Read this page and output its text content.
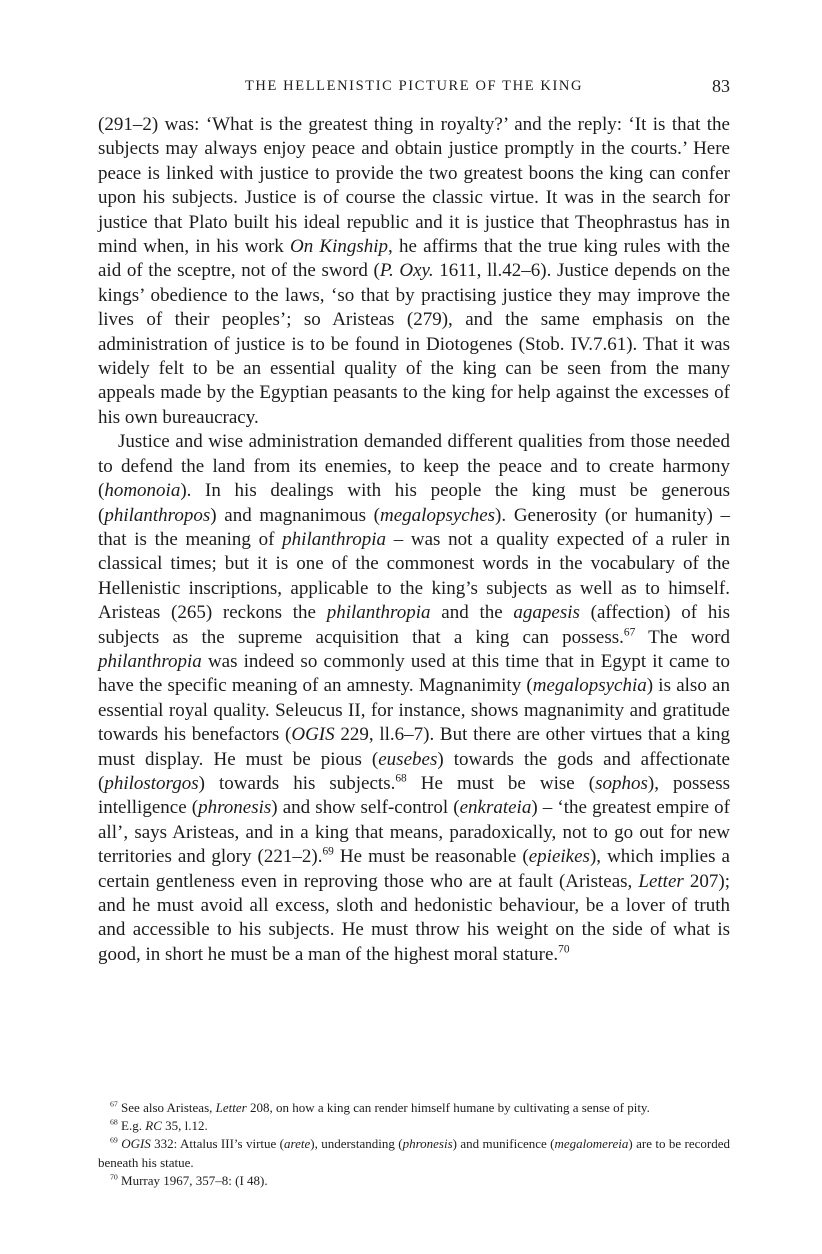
THE HELLENISTIC PICTURE OF THE KING	83

(291–2) was: ‘What is the greatest thing in royalty?’ and the reply: ‘It is that the subjects may always enjoy peace and obtain justice promptly in the courts.’ Here peace is linked with justice to provide the two greatest boons the king can confer upon his subjects. Justice is of course the classic virtue. It was in the search for justice that Plato built his ideal republic and it is justice that Theophrastus has in mind when, in his work On Kingship, he affirms that the true king rules with the aid of the sceptre, not of the sword (P. Oxy. 1611, ll.42–6). Justice depends on the kings’ obedience to the laws, ‘so that by practising justice they may improve the lives of their peoples’; so Aristeas (279), and the same emphasis on the administration of justice is to be found in Diotogenes (Stob. IV.7.61). That it was widely felt to be an essential quality of the king can be seen from the many appeals made by the Egyptian peasants to the king for help against the excesses of his own bureaucracy.

Justice and wise administration demanded different qualities from those needed to defend the land from its enemies, to keep the peace and to create harmony (homonoia). In his dealings with his people the king must be generous (philanthropos) and magnanimous (megalopsyches). Generosity (or humanity) – that is the meaning of philanthropia – was not a quality expected of a ruler in classical times; but it is one of the commonest words in the vocabulary of the Hellenistic inscriptions, applicable to the king’s subjects as well as to himself. Aristeas (265) reckons the philanthropia and the agapesis (affection) of his subjects as the supreme acquisition that a king can possess.$^{67}$ The word philanthropia was indeed so commonly used at this time that in Egypt it came to have the specific meaning of an amnesty. Magnanimity (megalopsychia) is also an essential royal quality. Seleucus II, for instance, shows magnanimity and gratitude towards his benefactors (OGIS 229, ll.6–7). But there are other virtues that a king must display. He must be pious (eusebes) towards the gods and affectionate (philostorgos) towards his subjects.$^{68}$ He must be wise (sophos), possess intelligence (phronesis) and show self-control (enkrateia) – ‘the greatest empire of all’, says Aristeas, and in a king that means, paradoxically, not to go out for new territories and glory (221–2).$^{69}$ He must be reasonable (epieikes), which implies a certain gentleness even in reproving those who are at fault (Aristeas, Letter 207); and he must avoid all excess, sloth and hedonistic behaviour, be a lover of truth and accessible to his subjects. He must throw his weight on the side of what is good, in short he must be a man of the highest moral stature.$^{70}$

$^{67}$ See also Aristeas, Letter 208, on how a king can render himself humane by cultivating a sense of pity.

$^{68}$ E.g. RC 35, l.12.

$^{69}$ OGIS 332: Attalus III’s virtue (arete), understanding (phronesis) and munificence (megalomereia) are to be recorded beneath his statue.

$^{70}$ Murray 1967, 357–8: (I 48).
